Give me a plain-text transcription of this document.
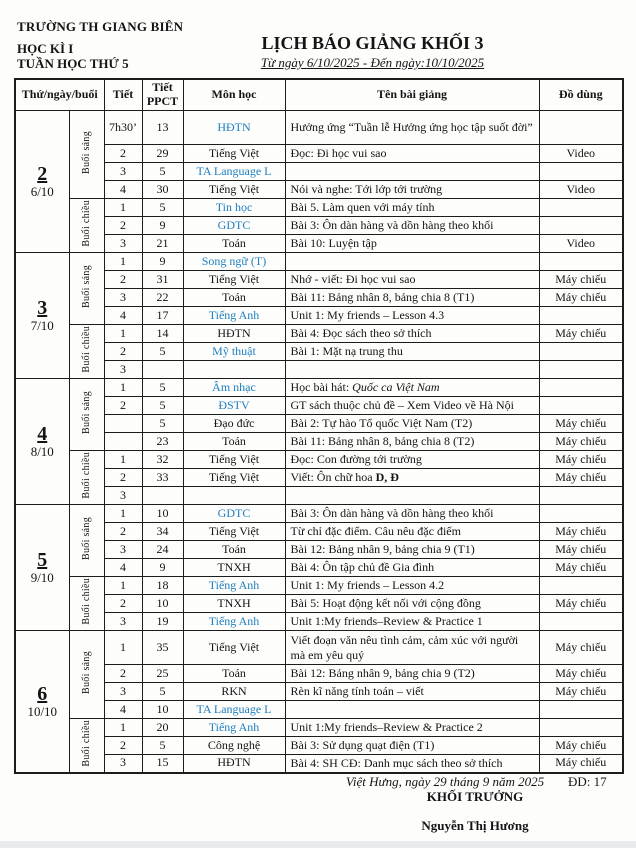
TRƯỜNG TH GIANG BIÊN
HỌC KÌ I
TUẦN HỌC THỨ 5
LỊCH BÁO GIẢNG KHỐI 3
Từ ngày 6/10/2025 - Đến ngày:10/10/2025
Thứ/ngày/buổi		Tiết	Tiết
PPCT	Môn học	Tên bài giảng	Đồ dùng

2
6/10	Buổi sáng	7h30’	13	HĐTN	Hưởng ứng “Tuần lễ Hưởng ứng học tập suốt đời”	
		2	29	Tiếng Việt	Đọc: Đi học vui sao	Video
		3	5	TA Language L		
		4	30	Tiếng Việt	Nói và nghe: Tới lớp tới trường	Video
	Buổi chiều	1	5	Tin học	Bài 5. Làm quen với máy tính	
		2	9	GDTC	Bài 3: Ôn dàn hàng và dồn hàng theo khối	
		3	21	Toán	Bài 10: Luyện tập	Video

3
7/10	Buổi sáng	1	9	Song ngữ (T)		
		2	31	Tiếng Việt	Nhớ - viết: Đi học vui sao	Máy chiếu
		3	22	Toán	Bài 11: Bảng nhân 8, bảng chia 8 (T1)	Máy chiếu
		4	17	Tiếng Anh	Unit 1: My friends – Lesson 4.3	
	Buổi chiều	1	14	HĐTN	Bài 4: Đọc sách theo sở thích	Máy chiếu
		2	5	Mỹ thuật	Bài 1: Mặt nạ trung thu	
		3				

4
8/10	Buổi sáng	1	5	Âm nhạc	Học bài hát: Quốc ca Việt Nam	
		2	5	ĐSTV	GT sách thuộc chủ đề – Xem Video về Hà Nội	
			5	Đạo đức	Bài 2: Tự hào Tổ quốc Việt Nam (T2)	Máy chiếu
			23	Toán	Bài 11: Bảng nhân 8, bảng chia 8 (T2)	Máy chiếu
	Buổi chiều	1	32	Tiếng Việt	Đọc: Con đường tới trường	Máy chiếu
		2	33	Tiếng Việt	Viết: Ôn chữ hoa D, Đ	Máy chiếu
		3				

5
9/10	Buổi sáng	1	10	GDTC	Bài 3: Ôn dàn hàng và dồn hàng theo khối	
		2	34	Tiếng Việt	Từ chỉ đặc điểm. Câu nêu đặc điểm	Máy chiếu
		3	24	Toán	Bài 12: Bảng nhân 9, bảng chia 9 (T1)	Máy chiếu
		4	9	TNXH	Bài 4: Ôn tập chủ đề Gia đình	Máy chiếu
	Buổi chiều	1	18	Tiếng Anh	Unit 1: My friends – Lesson 4.2	
		2	10	TNXH	Bài 5: Hoạt động kết nối với cộng đồng	Máy chiếu
		3	19	Tiếng Anh	Unit 1:My friends–Review & Practice 1	

6
10/10	Buổi sáng	1	35	Tiếng Việt	Viết đoạn văn nêu tình cảm, cảm xúc với người mà em yêu quý	Máy chiếu
		2	25	Toán	Bài 12: Bảng nhân 9, bảng chia 9 (T2)	Máy chiếu
		3	5	RKN	Rèn kĩ năng tính toán – viết	Máy chiếu
		4	10	TA Language L		
	Buổi chiều	1	20	Tiếng Anh	Unit 1:My friends–Review & Practice 2	
		2	5	Công nghệ	Bài 3: Sử dụng quạt điện (T1)	Máy chiếu
		3	15	HĐTN	Bài 4: SH CĐ: Danh mục sách theo sở thích	Máy chiếu
Việt Hưng, ngày 29 tháng 9 năm 2025	ĐD: 17
KHỐI TRƯỞNG
Nguyễn Thị Hương
